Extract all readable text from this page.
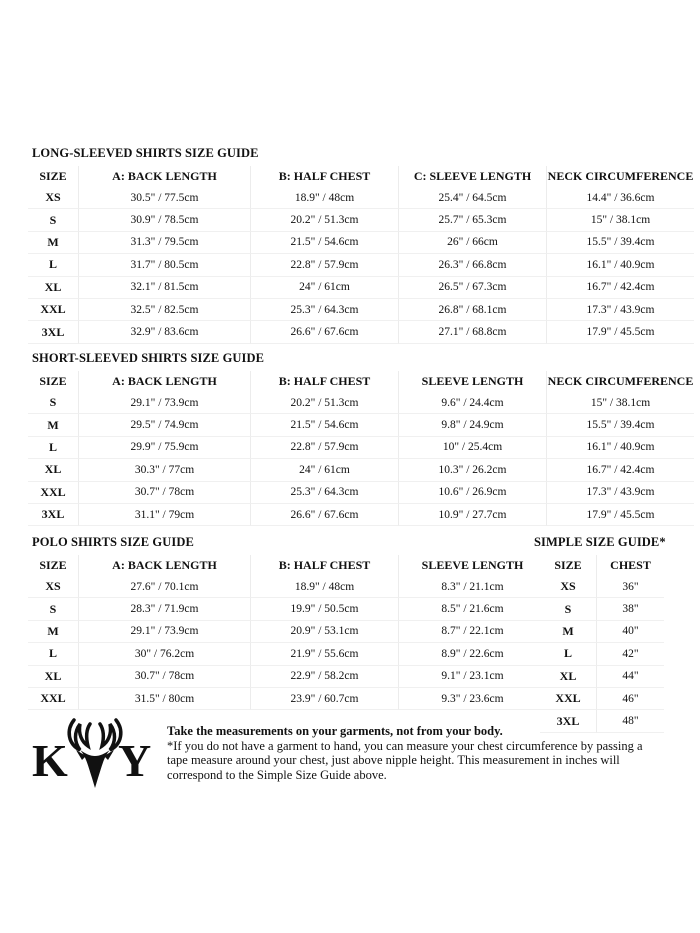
LONG-SLEEVED SHIRTS SIZE GUIDE
SIZE	A: BACK LENGTH	B: HALF CHEST	C: SLEEVE LENGTH	NECK CIRCUMFERENCE
XS	30.5" / 77.5cm	18.9" / 48cm	25.4" / 64.5cm	14.4" / 36.6cm
S	30.9" / 78.5cm	20.2" / 51.3cm	25.7" / 65.3cm	15" / 38.1cm
M	31.3" / 79.5cm	21.5" / 54.6cm	26" / 66cm	15.5" / 39.4cm
L	31.7" / 80.5cm	22.8" / 57.9cm	26.3" / 66.8cm	16.1" / 40.9cm
XL	32.1" / 81.5cm	24" / 61cm	26.5" / 67.3cm	16.7" / 42.4cm
XXL	32.5" / 82.5cm	25.3" / 64.3cm	26.8" / 68.1cm	17.3" / 43.9cm
3XL	32.9" / 83.6cm	26.6" / 67.6cm	27.1" / 68.8cm	17.9" / 45.5cm
SHORT-SLEEVED SHIRTS SIZE GUIDE
SIZE	A: BACK LENGTH	B: HALF CHEST	SLEEVE LENGTH	NECK CIRCUMFERENCE
S	29.1" / 73.9cm	20.2" / 51.3cm	9.6" / 24.4cm	15" / 38.1cm
M	29.5" / 74.9cm	21.5" / 54.6cm	9.8" / 24.9cm	15.5" / 39.4cm
L	29.9" / 75.9cm	22.8" / 57.9cm	10" / 25.4cm	16.1" / 40.9cm
XL	30.3" / 77cm	24" / 61cm	10.3" / 26.2cm	16.7" / 42.4cm
XXL	30.7" / 78cm	25.3" / 64.3cm	10.6" / 26.9cm	17.3" / 43.9cm
3XL	31.1" / 79cm	26.6" / 67.6cm	10.9" / 27.7cm	17.9" / 45.5cm
POLO SHIRTS SIZE GUIDE
SIZE	A: BACK LENGTH	B: HALF CHEST	SLEEVE LENGTH
XS	27.6" / 70.1cm	18.9" / 48cm	8.3" / 21.1cm
S	28.3" / 71.9cm	19.9" / 50.5cm	8.5" / 21.6cm
M	29.1" / 73.9cm	20.9" / 53.1cm	8.7" / 22.1cm
L	30" / 76.2cm	21.9" / 55.6cm	8.9" / 22.6cm
XL	30.7" / 78cm	22.9" / 58.2cm	9.1" / 23.1cm
XXL	31.5" / 80cm	23.9" / 60.7cm	9.3" / 23.6cm
SIMPLE SIZE GUIDE*
SIZE	CHEST
XS	36"
S	38"
M	40"
L	42"
XL	44"
XXL	46"
3XL	48"
K Y
Take the measurements on your garments, not from your body.
*If you do not have a garment to hand, you can measure your chest circumference by passing a tape measure around your chest, just above nipple height. This measurement in inches will correspond to the Simple Size Guide above.
